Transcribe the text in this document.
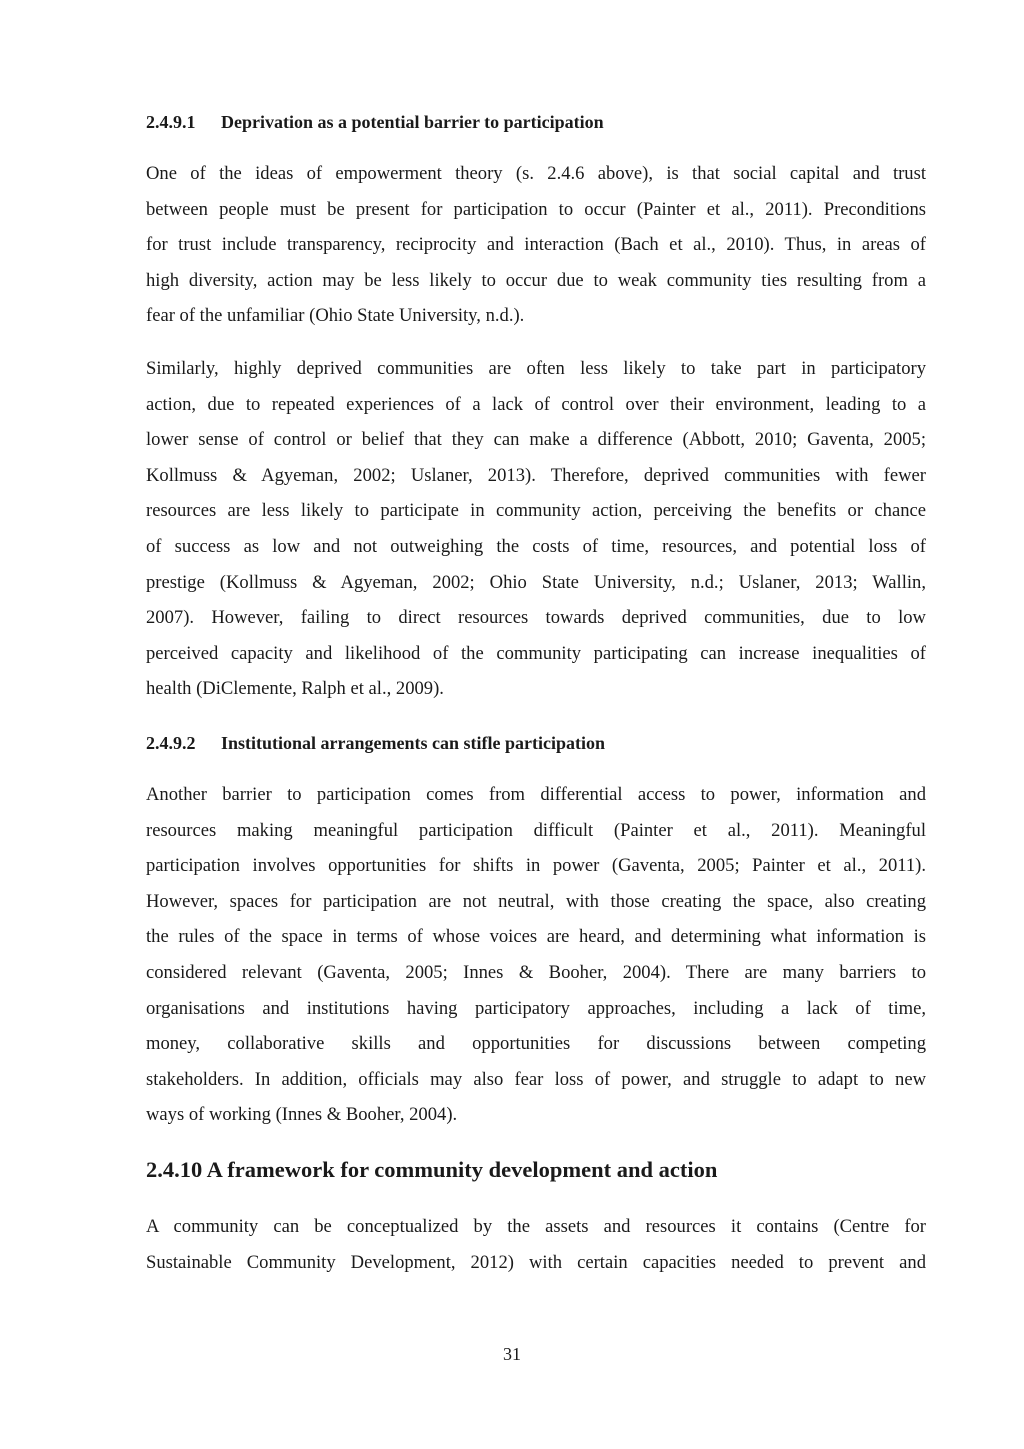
2.4.9.1 Deprivation as a potential barrier to participation
One of the ideas of empowerment theory (s. 2.4.6 above), is that social capital and trust
between people must be present for participation to occur (Painter et al., 2011). Preconditions
for trust include transparency, reciprocity and interaction (Bach et al., 2010). Thus, in areas of
high diversity, action may be less likely to occur due to weak community ties resulting from a
fear of the unfamiliar (Ohio State University, n.d.).
Similarly, highly deprived communities are often less likely to take part in participatory
action, due to repeated experiences of a lack of control over their environment, leading to a
lower sense of control or belief that they can make a difference (Abbott, 2010; Gaventa, 2005;
Kollmuss & Agyeman, 2002; Uslaner, 2013). Therefore, deprived communities with fewer
resources are less likely to participate in community action, perceiving the benefits or chance
of success as low and not outweighing the costs of time, resources, and potential loss of
prestige (Kollmuss & Agyeman, 2002; Ohio State University, n.d.; Uslaner, 2013; Wallin,
2007). However, failing to direct resources towards deprived communities, due to low
perceived capacity and likelihood of the community participating can increase inequalities of
health (DiClemente, Ralph et al., 2009).
2.4.9.2 Institutional arrangements can stifle participation
Another barrier to participation comes from differential access to power, information and
resources making meaningful participation difficult (Painter et al., 2011). Meaningful
participation involves opportunities for shifts in power (Gaventa, 2005; Painter et al., 2011).
However, spaces for participation are not neutral, with those creating the space, also creating
the rules of the space in terms of whose voices are heard, and determining what information is
considered relevant (Gaventa, 2005; Innes & Booher, 2004). There are many barriers to
organisations and institutions having participatory approaches, including a lack of time,
money, collaborative skills and opportunities for discussions between competing
stakeholders. In addition, officials may also fear loss of power, and struggle to adapt to new
ways of working (Innes & Booher, 2004).
2.4.10 A framework for community development and action
A community can be conceptualized by the assets and resources it contains (Centre for
Sustainable Community Development, 2012) with certain capacities needed to prevent and
31
